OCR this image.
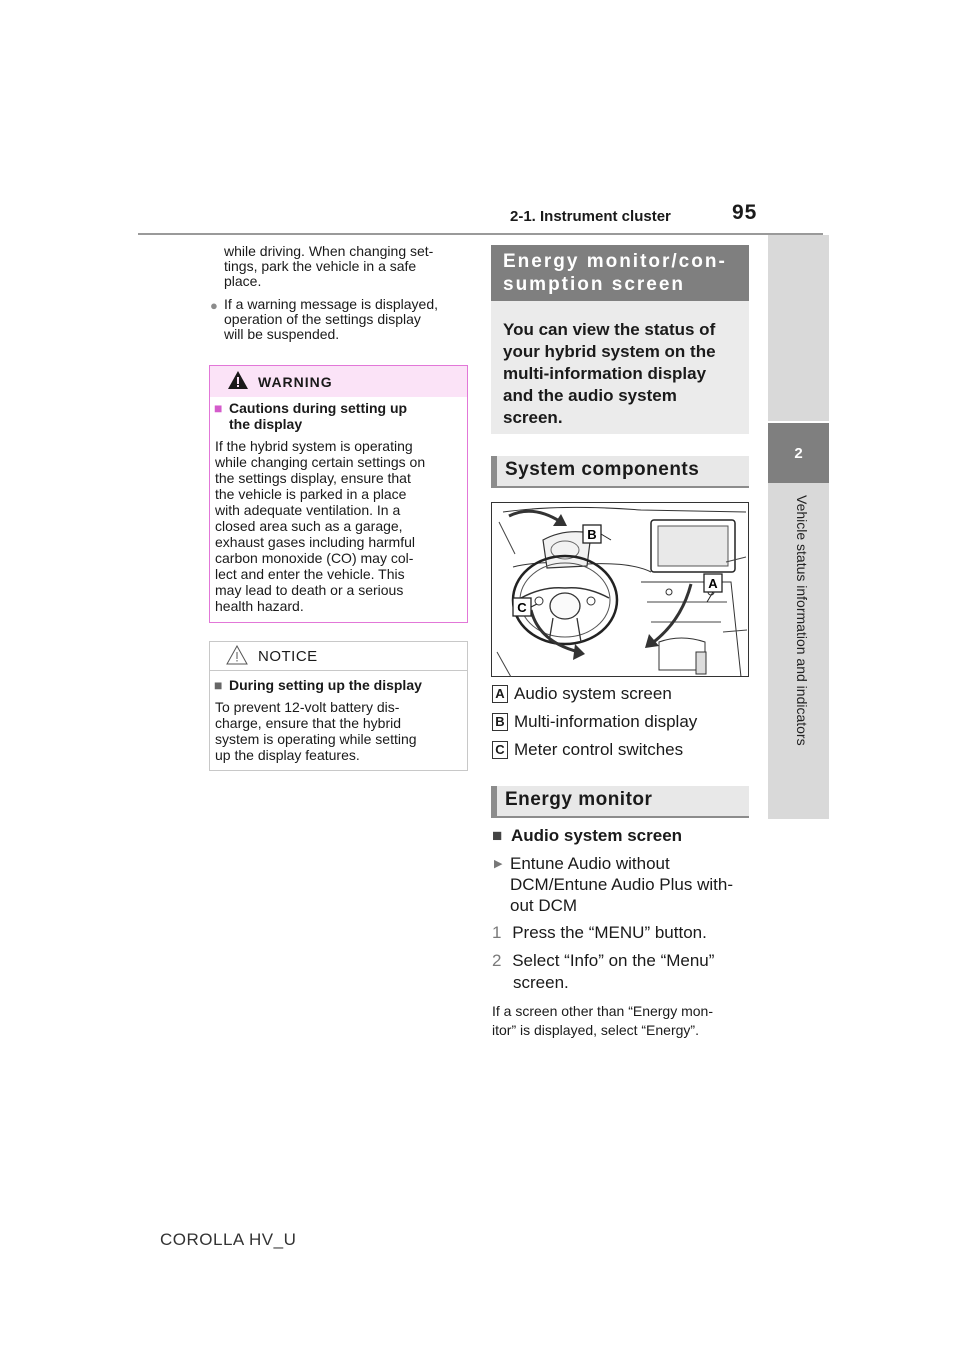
2-1. Instrument cluster	95
2
Vehicle status information and indicators
while driving. When changing set-
tings, park the vehicle in a safe
place.
● If a warning message is displayed,
operation of the settings display
will be suspended.
WARNING
■ Cautions during setting up
the display
If the hybrid system is operating
while changing certain settings on
the settings display, ensure that
the vehicle is parked in a place
with adequate ventilation. In a
closed area such as a garage,
exhaust gases including harmful
carbon monoxide (CO) may col-
lect and enter the vehicle. This
may lead to death or a serious
health hazard.
NOTICE
■ During setting up the display
To prevent 12-volt battery dis-
charge, ensure that the hybrid
system is operating while setting
up the display features.
Energy monitor/con-
sumption screen
You can view the status of
your hybrid system on the
multi-information display
and the audio system
screen.
System components
B
A
C
A Audio system screen
B Multi-information display
C Meter control switches
Energy monitor
■ Audio system screen
▶ Entune Audio without
DCM/Entune Audio Plus with-
out DCM
1 Press the “MENU” button.
2 Select “Info” on the “Menu”
screen.
If a screen other than “Energy mon-
itor” is displayed, select “Energy”.
COROLLA HV_U
